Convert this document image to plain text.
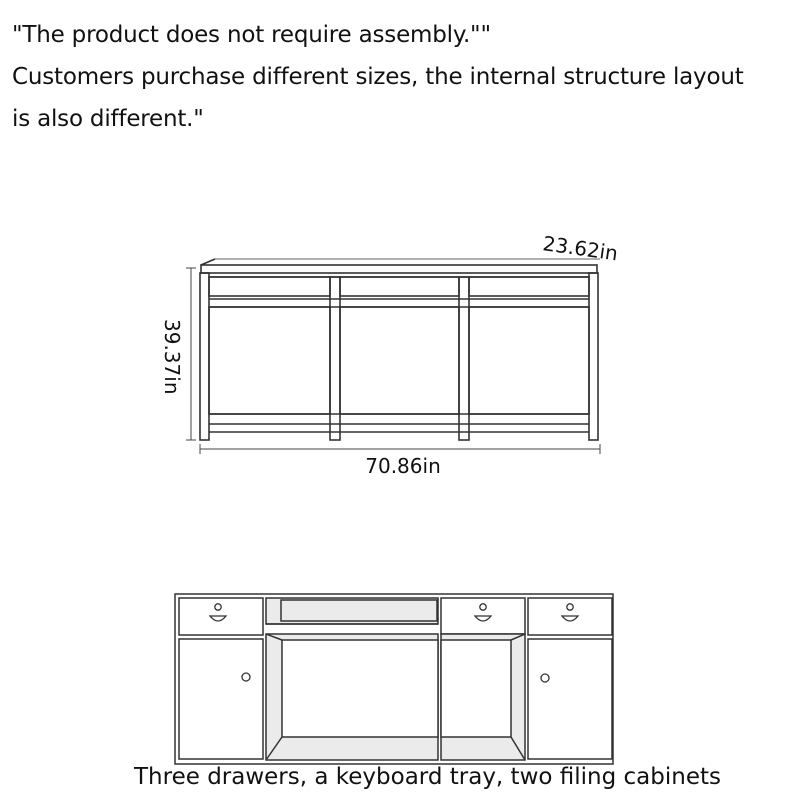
"The product does not require assembly.""
Customers purchase different sizes, the internal structure layout
is also different."
39.37in
70.86in
23.62in
Three drawers, a keyboard tray, two filing cabinets
